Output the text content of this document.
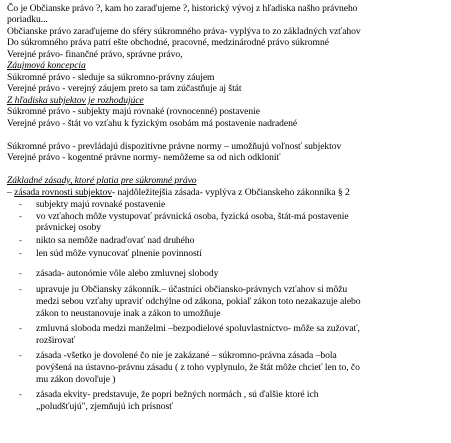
Čo je Občianske právo ?, kam ho zaraďujeme ?, historický vývoj z hľadiska našho právneho
poriadku...
Občianske právo zaraďujeme do sféry súkromného práva- vyplýva to zo základných vzťahov
Do súkromného práva patrí ešte obchodné, pracovné, medzinárodné právo súkromné
Verejné právo- finančné právo, správne právo,
Záujmová koncepcia
Súkromné právo - sleduje sa súkromno-právny záujem
Verejné právo - verejný záujem preto sa tam zúčastňuje aj štát
Z hľadiska subjektov je rozhodujúce
Súkromné právo - subjekty majú rovnaké (rovnocenné) postavenie
Verejné právo - štát vo vzťahu k fyzickým osobám má postavenie nadradené
Súkromné právo - prevládajú dispozitívne právne normy – umožňujú voľnosť subjektov
Verejné právo - kogentné právne normy- nemôžeme sa od nich odkloniť
Základné zásady, ktoré platia pre súkromné právo
– zásada rovnosti subjektov- najdôležitejšia zásada- vyplýva z Občianskeho zákonníka § 2
- subjekty majú rovnaké postavenie
- vo vzťahoch môže vystupovať právnická osoba, fyzická osoba, štát-má postavenie
právnickej osoby
- nikto sa nemôže nadraďovať nad druhého
- len súd môže vynucovať plnenie povinností
- zásada- autonómie vôle alebo zmluvnej slobody
- upravuje ju Občiansky zákonník.– účastníci občiansko-právnych vzťahov si môžu
medzi sebou vzťahy upraviť odchýlne od zákona, pokiaľ zákon toto nezakazuje alebo
zákon to neustanovuje inak a zákon to umožňuje
- zmluvná sloboda medzi manželmi –bezpodielové spoluvlastníctvo- môže sa zužovať,
rozširovať
- zásada -všetko je dovolené čo nie je zakázané – súkromno-právna zásada –bola
povýšená na ústavno-právnu zásadu ( z toho vyplynulo, že štát môže chcieť len to, čo
mu zákon dovoľuje )
- zásada ekvity- predstavuje, že popri bežných normách , sú ďalšie ktoré ich
„poludšťujú", zjemňujú ich prísnosť
